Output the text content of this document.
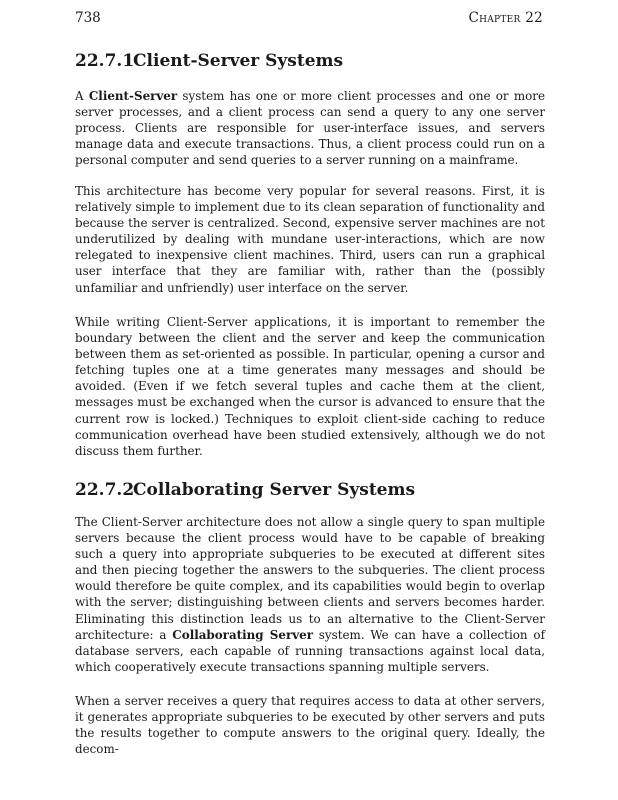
738	Chapter 22
22.7.1Client-Server Systems

A Client-Server system has one or more client processes and one or more server processes, and a client process can send a query to any one server process. Clients are responsible for user-interface issues, and servers manage data and execute transactions. Thus, a client process could run on a personal computer and send queries to a server running on a mainframe.

This architecture has become very popular for several reasons. First, it is relatively simple to implement due to its clean separation of functionality and because the server is centralized. Second, expensive server machines are not underutilized by dealing with mundane user-interactions, which are now relegated to inexpensive client machines. Third, users can run a graphical user interface that they are familiar with, rather than the (possibly unfamiliar and unfriendly) user interface on the server.

While writing Client-Server applications, it is important to remember the boundary between the client and the server and keep the communication between them as set-oriented as possible. In particular, opening a cursor and fetching tuples one at a time generates many messages and should be avoided. (Even if we fetch several tuples and cache them at the client, messages must be exchanged when the cursor is advanced to ensure that the current row is locked.) Techniques to exploit client-side caching to reduce communication overhead have been studied extensively, although we do not discuss them further.

22.7.2Collaborating Server Systems

The Client-Server architecture does not allow a single query to span multiple servers because the client process would have to be capable of breaking such a query into appropriate subqueries to be executed at different sites and then piecing together the answers to the subqueries. The client process would therefore be quite complex, and its capabilities would begin to overlap with the server; distinguishing between clients and servers becomes harder. Eliminating this distinction leads us to an alternative to the Client-Server architecture: a Collaborating Server system. We can have a collection of database servers, each capable of running transactions against local data, which cooperatively execute transactions spanning multiple servers.

When a server receives a query that requires access to data at other servers, it generates appropriate subqueries to be executed by other servers and puts the results together to compute answers to the original query. Ideally, the decom-
